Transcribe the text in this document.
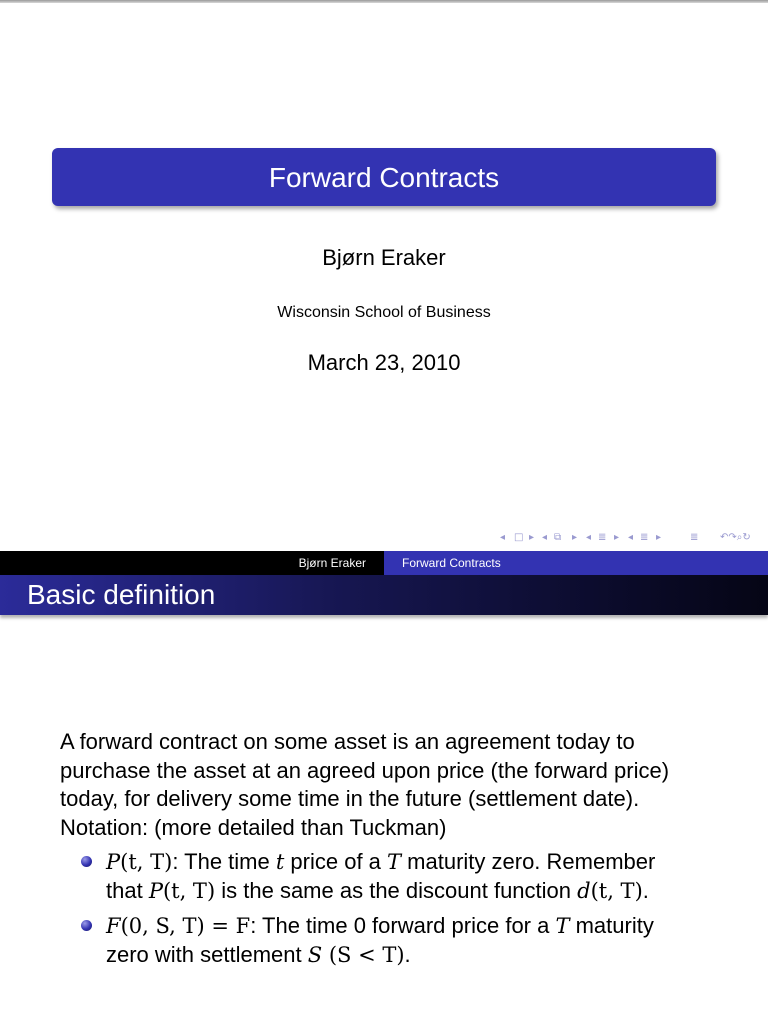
Forward Contracts
Bjørn Eraker
Wisconsin School of Business
March 23, 2010
◂ □ ▸ ◂ ⧉ ▸ ◂ ≣ ▸ ◂ ≣ ▸	≣ ↶↷⌕↻
Bjørn Eraker	Forward Contracts
Basic definition

A forward contract on some asset is an agreement today to

purchase the asset at an agreed upon price (the forward price)

today, for delivery some time in the future (settlement date).

Notation: (more detailed than Tuckman)

P(t, T): The time t price of a T maturity zero. Remember
that P(t, T) is the same as the discount function d(t, T).
F(0, S, T) = F: The time 0 forward price for a T maturity
zero with settlement S (S < T).
